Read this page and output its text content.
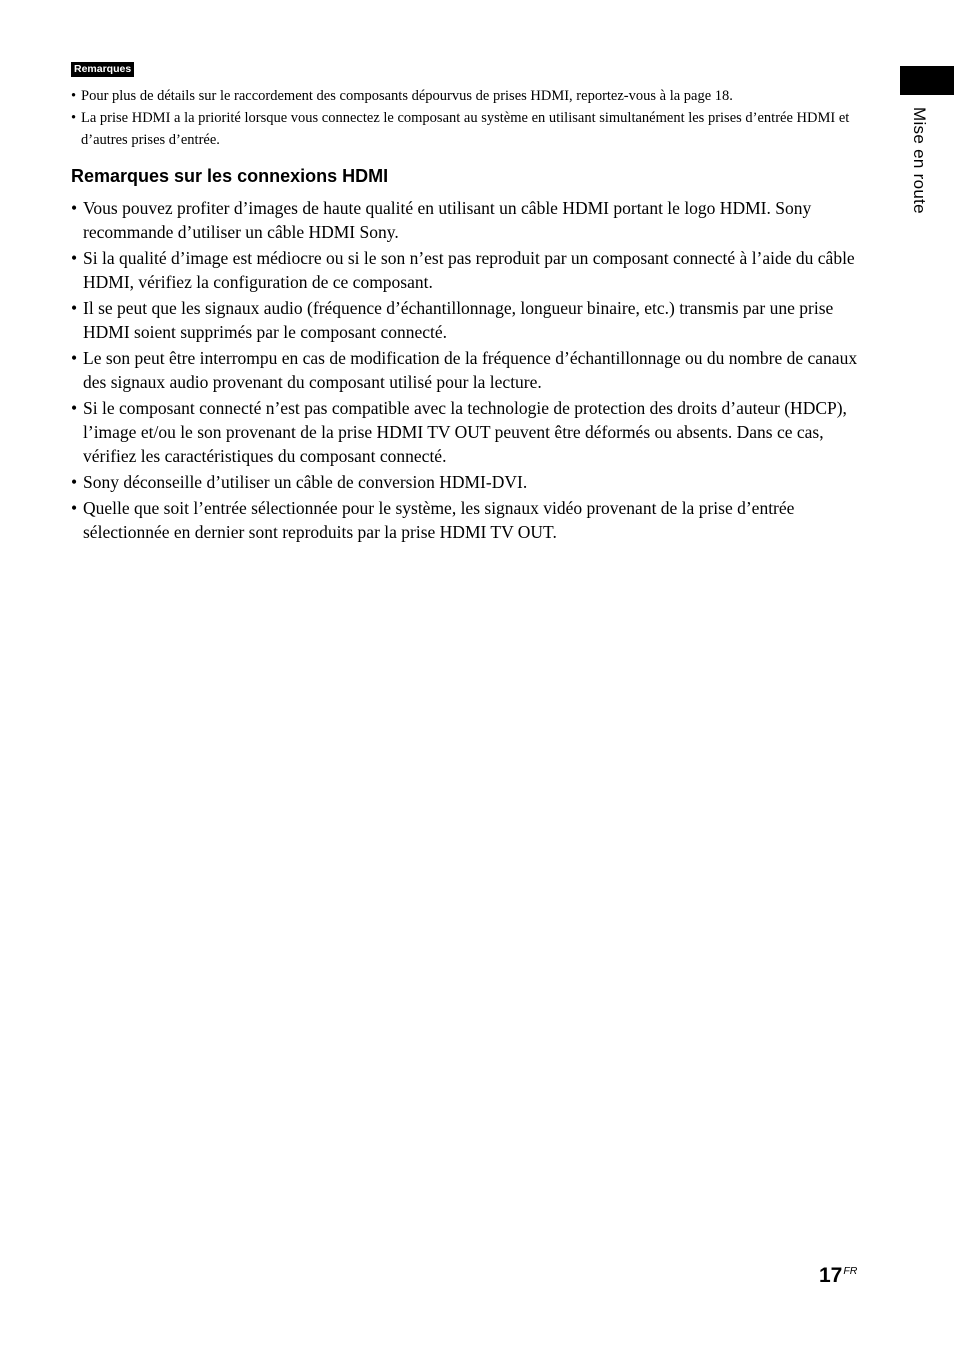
Remarques
• Pour plus de détails sur le raccordement des composants dépourvus de prises HDMI, reportez-vous à la page 18.
• La prise HDMI a la priorité lorsque vous connectez le composant au système en utilisant simultanément les prises d’entrée HDMI et d’autres prises d’entrée.
Remarques sur les connexions HDMI
• Vous pouvez profiter d’images de haute qualité en utilisant un câble HDMI portant le logo HDMI. Sony recommande d’utiliser un câble HDMI Sony.
• Si la qualité d’image est médiocre ou si le son n’est pas reproduit par un composant connecté à l’aide du câble HDMI, vérifiez la configuration de ce composant.
• Il se peut que les signaux audio (fréquence d’échantillonnage, longueur binaire, etc.) transmis par une prise HDMI soient supprimés par le composant connecté.
• Le son peut être interrompu en cas de modification de la fréquence d’échantillonnage ou du nombre de canaux des signaux audio provenant du composant utilisé pour la lecture.
• Si le composant connecté n’est pas compatible avec la technologie de protection des droits d’auteur (HDCP), l’image et/ou le son provenant de la prise HDMI TV OUT peuvent être déformés ou absents. Dans ce cas, vérifiez les caractéristiques du composant connecté.
• Sony déconseille d’utiliser un câble de conversion HDMI-DVI.
• Quelle que soit l’entrée sélectionnée pour le système, les signaux vidéo provenant de la prise d’entrée sélectionnée en dernier sont reproduits par la prise HDMI TV OUT.
Mise en route
$17^{FR}$
